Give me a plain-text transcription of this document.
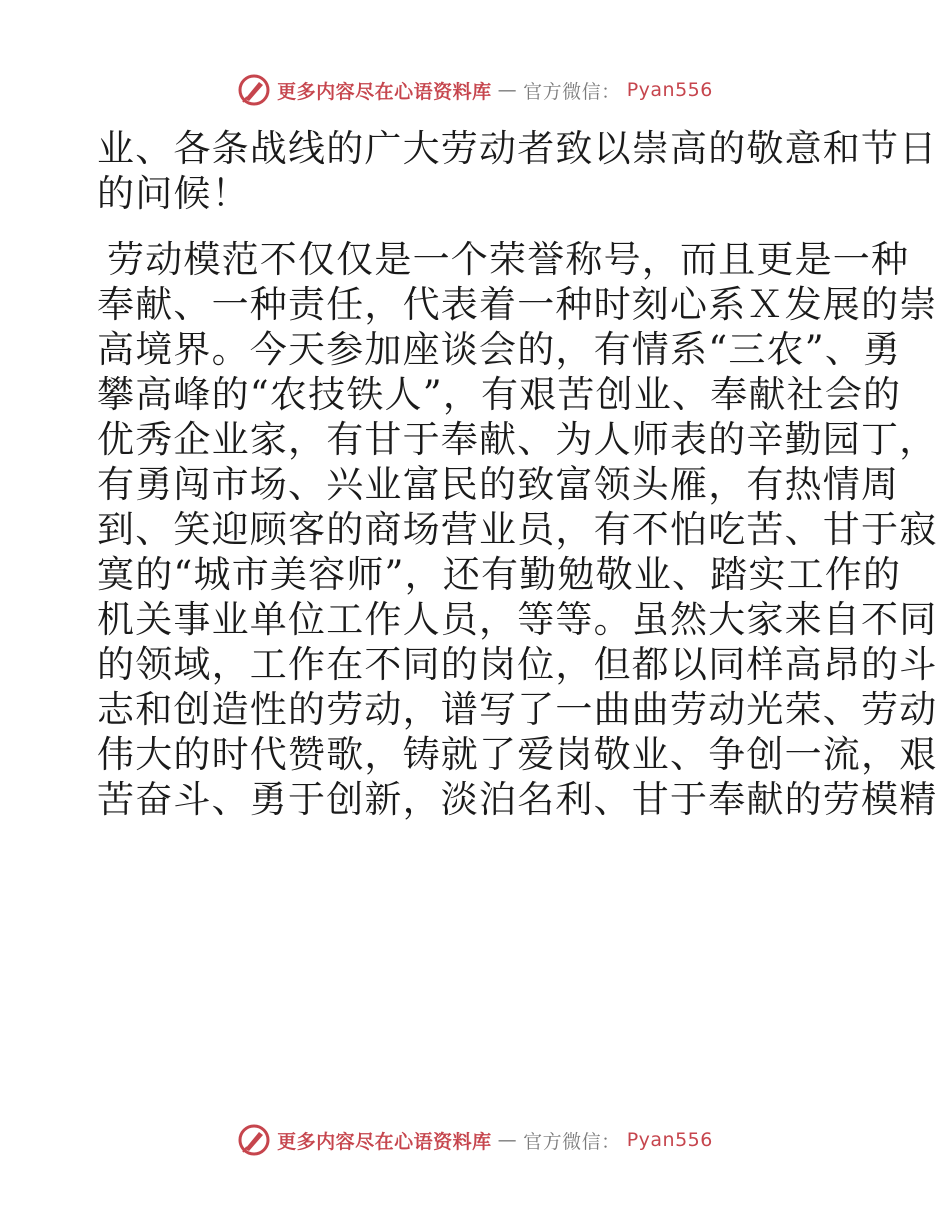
更多内容尽在心语资料库 — 官方微信： Pyan556

业、各条战线的广大劳动者致以崇高的敬意和节日

的问候！

劳动模范不仅仅是一个荣誉称号，而且更是一种

奉献、一种责任，代表着一种时刻心系Ｘ发展的崇

高境界。今天参加座谈会的，有情系“三农”、勇

攀高峰的“农技铁人”，有艰苦创业、奉献社会的

优秀企业家，有甘于奉献、为人师表的辛勤园丁，

有勇闯市场、兴业富民的致富领头雁，有热情周

到、笑迎顾客的商场营业员，有不怕吃苦、甘于寂

寞的“城市美容师”，还有勤勉敬业、踏实工作的

机关事业单位工作人员，等等。虽然大家来自不同

的领域，工作在不同的岗位，但都以同样高昂的斗

志和创造性的劳动，谱写了一曲曲劳动光荣、劳动

伟大的时代赞歌，铸就了爱岗敬业、争创一流，艰

苦奋斗、勇于创新，淡泊名利、甘于奉献的劳模精

更多内容尽在心语资料库 — 官方微信： Pyan556
